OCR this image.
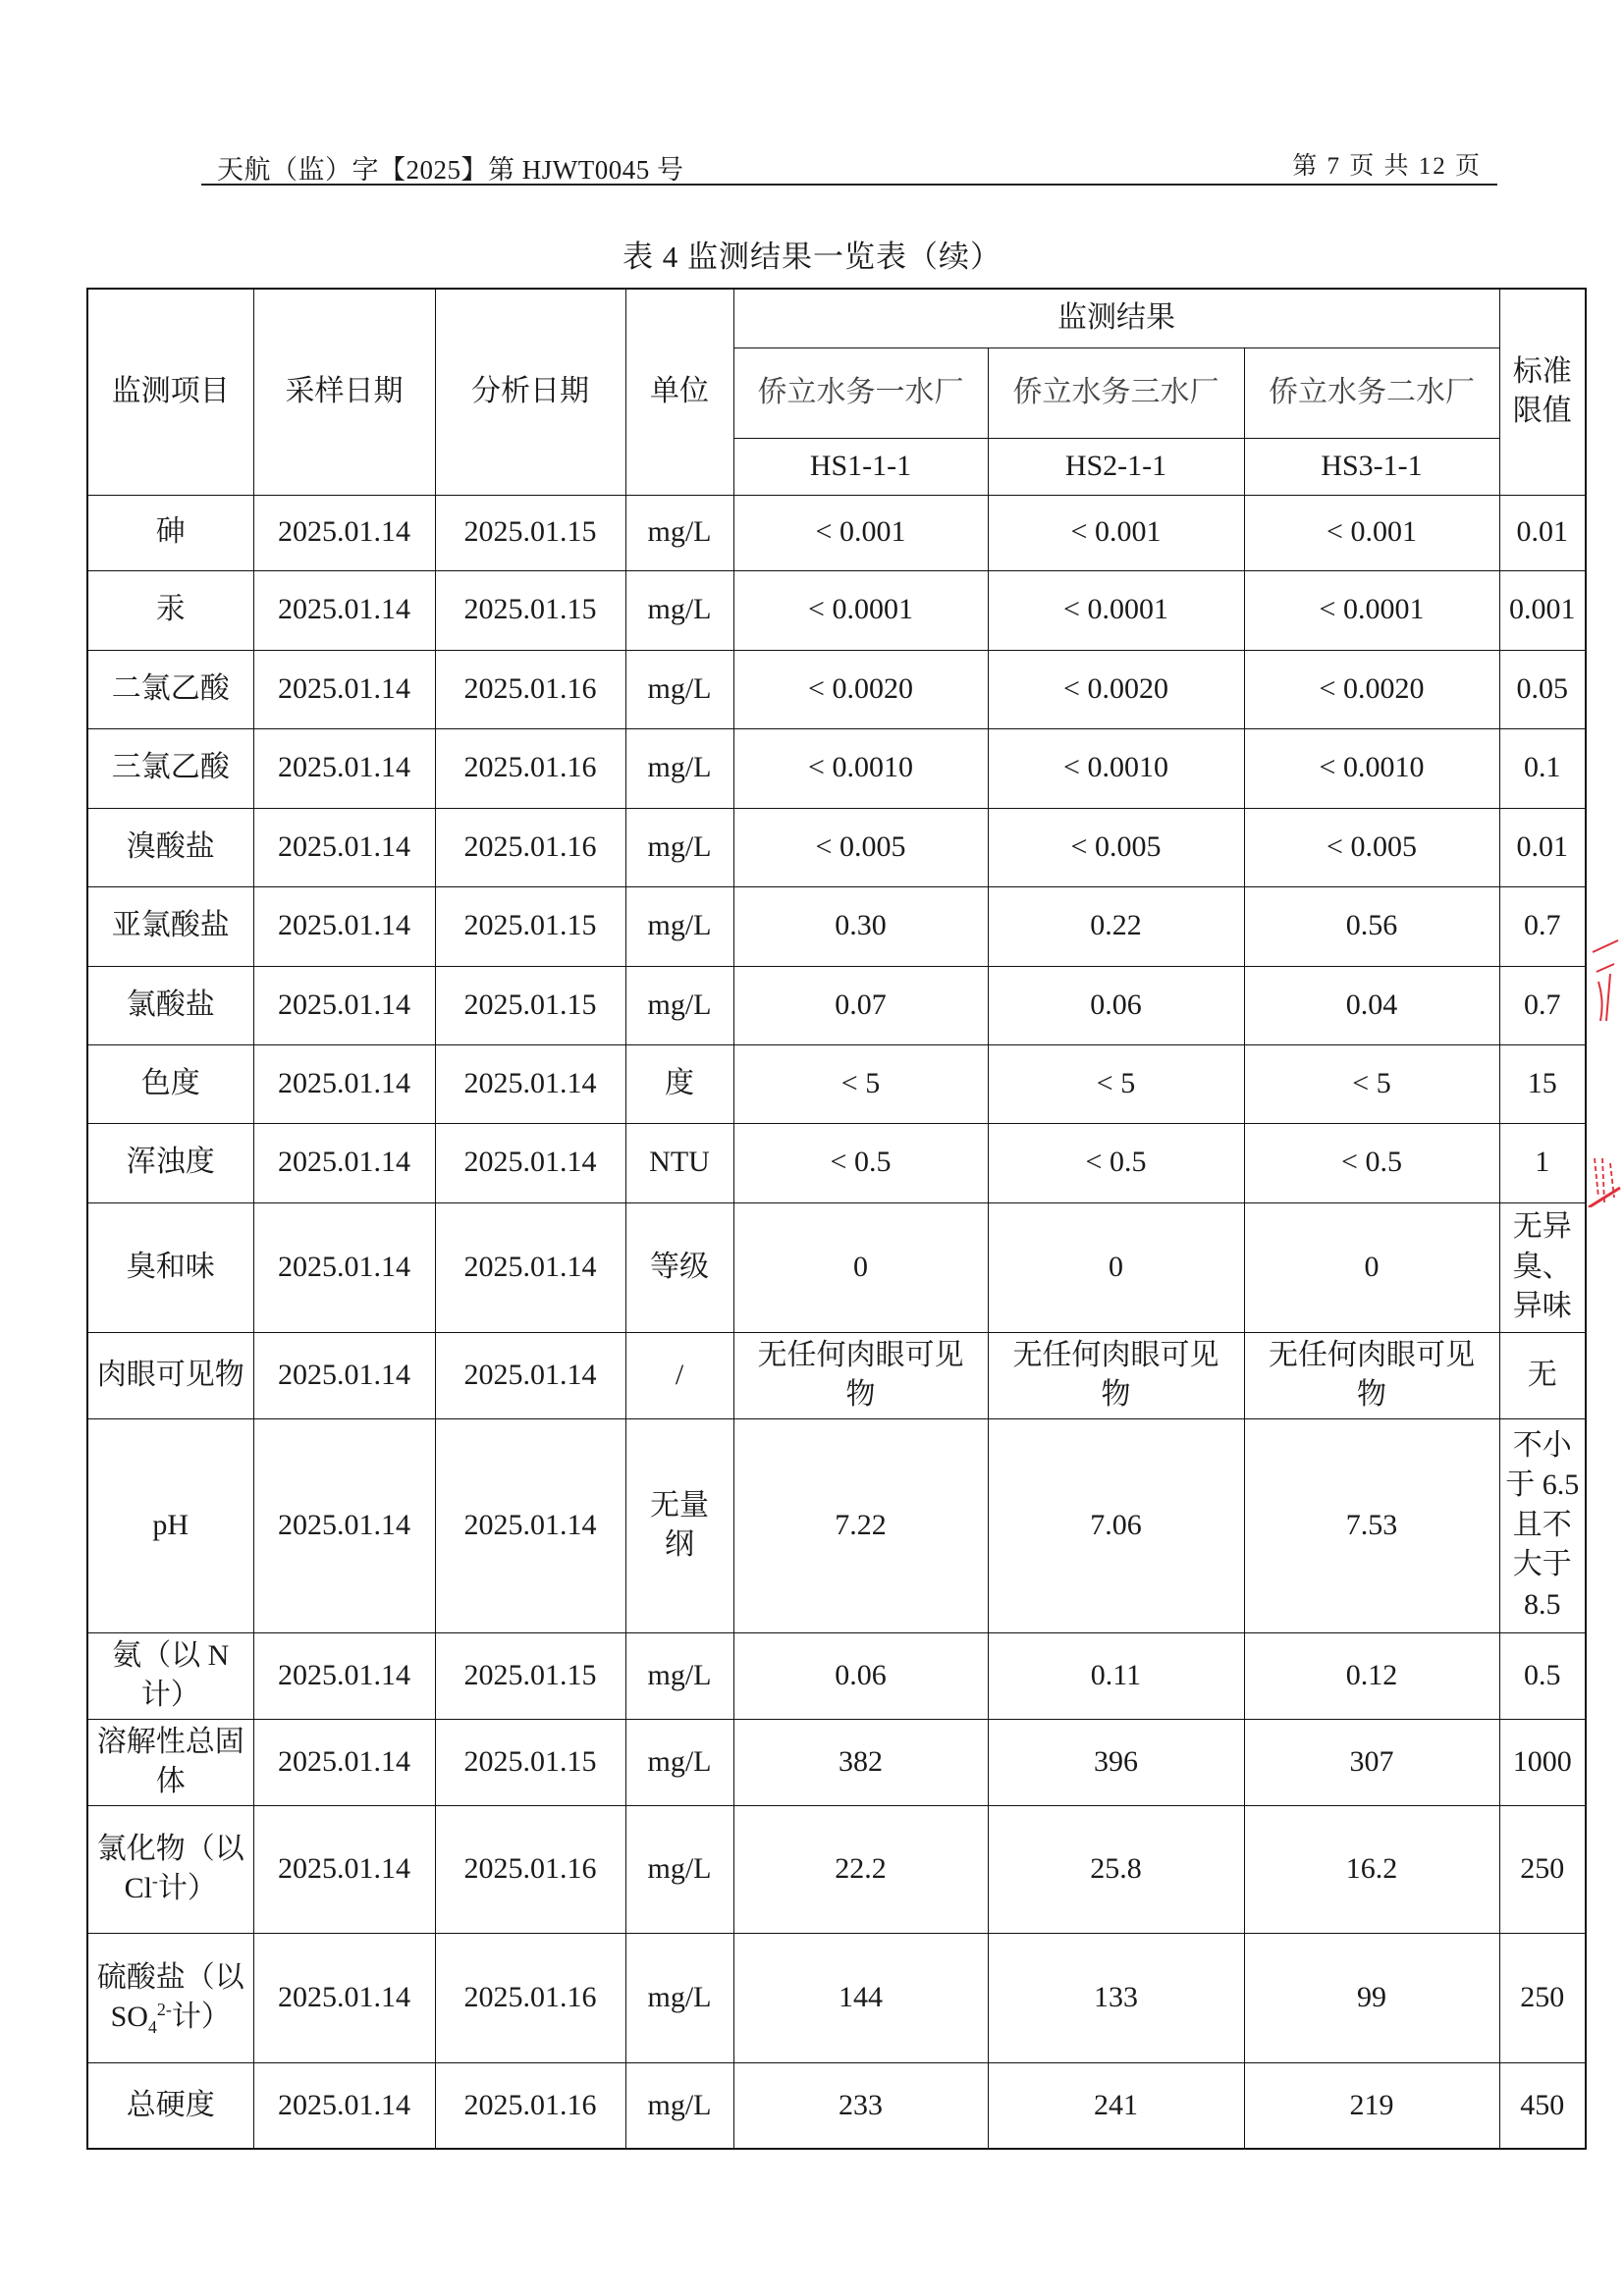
天航（监）字【2025】第 HJWT0045 号	第 7 页 共 12 页
表 4 监测结果一览表（续）
监测项目	采样日期	分析日期	单位	监测结果			标准限值
				侨立水务一水厂	侨立水务三水厂	侨立水务二水厂	
				HS1-1-1	HS2-1-1	HS3-1-1	
砷	2025.01.14	2025.01.15	mg/L	< 0.001	< 0.001	< 0.001	0.01
汞	2025.01.14	2025.01.15	mg/L	< 0.0001	< 0.0001	< 0.0001	0.001
二氯乙酸	2025.01.14	2025.01.16	mg/L	< 0.0020	< 0.0020	< 0.0020	0.05
三氯乙酸	2025.01.14	2025.01.16	mg/L	< 0.0010	< 0.0010	< 0.0010	0.1
溴酸盐	2025.01.14	2025.01.16	mg/L	< 0.005	< 0.005	< 0.005	0.01
亚氯酸盐	2025.01.14	2025.01.15	mg/L	0.30	0.22	0.56	0.7
氯酸盐	2025.01.14	2025.01.15	mg/L	0.07	0.06	0.04	0.7
色度	2025.01.14	2025.01.14	度	< 5	< 5	< 5	15
浑浊度	2025.01.14	2025.01.14	NTU	< 0.5	< 0.5	< 0.5	1
臭和味	2025.01.14	2025.01.14	等级	0	0	0	无异臭、异味
肉眼可见物	2025.01.14	2025.01.14	/	无任何肉眼可见物	无任何肉眼可见物	无任何肉眼可见物	无
pH	2025.01.14	2025.01.14	无量纲	7.22	7.06	7.53	不小于 6.5 且不大于 8.5
氨（以 N 计）	2025.01.14	2025.01.15	mg/L	0.06	0.11	0.12	0.5
溶解性总固体	2025.01.14	2025.01.15	mg/L	382	396	307	1000
氯化物（以 Cl-计）	2025.01.14	2025.01.16	mg/L	22.2	25.8	16.2	250
硫酸盐（以 $SO_4^{2-}$计）	2025.01.14	2025.01.16	mg/L	144	133	99	250
总硬度	2025.01.14	2025.01.16	mg/L	233	241	219	450
